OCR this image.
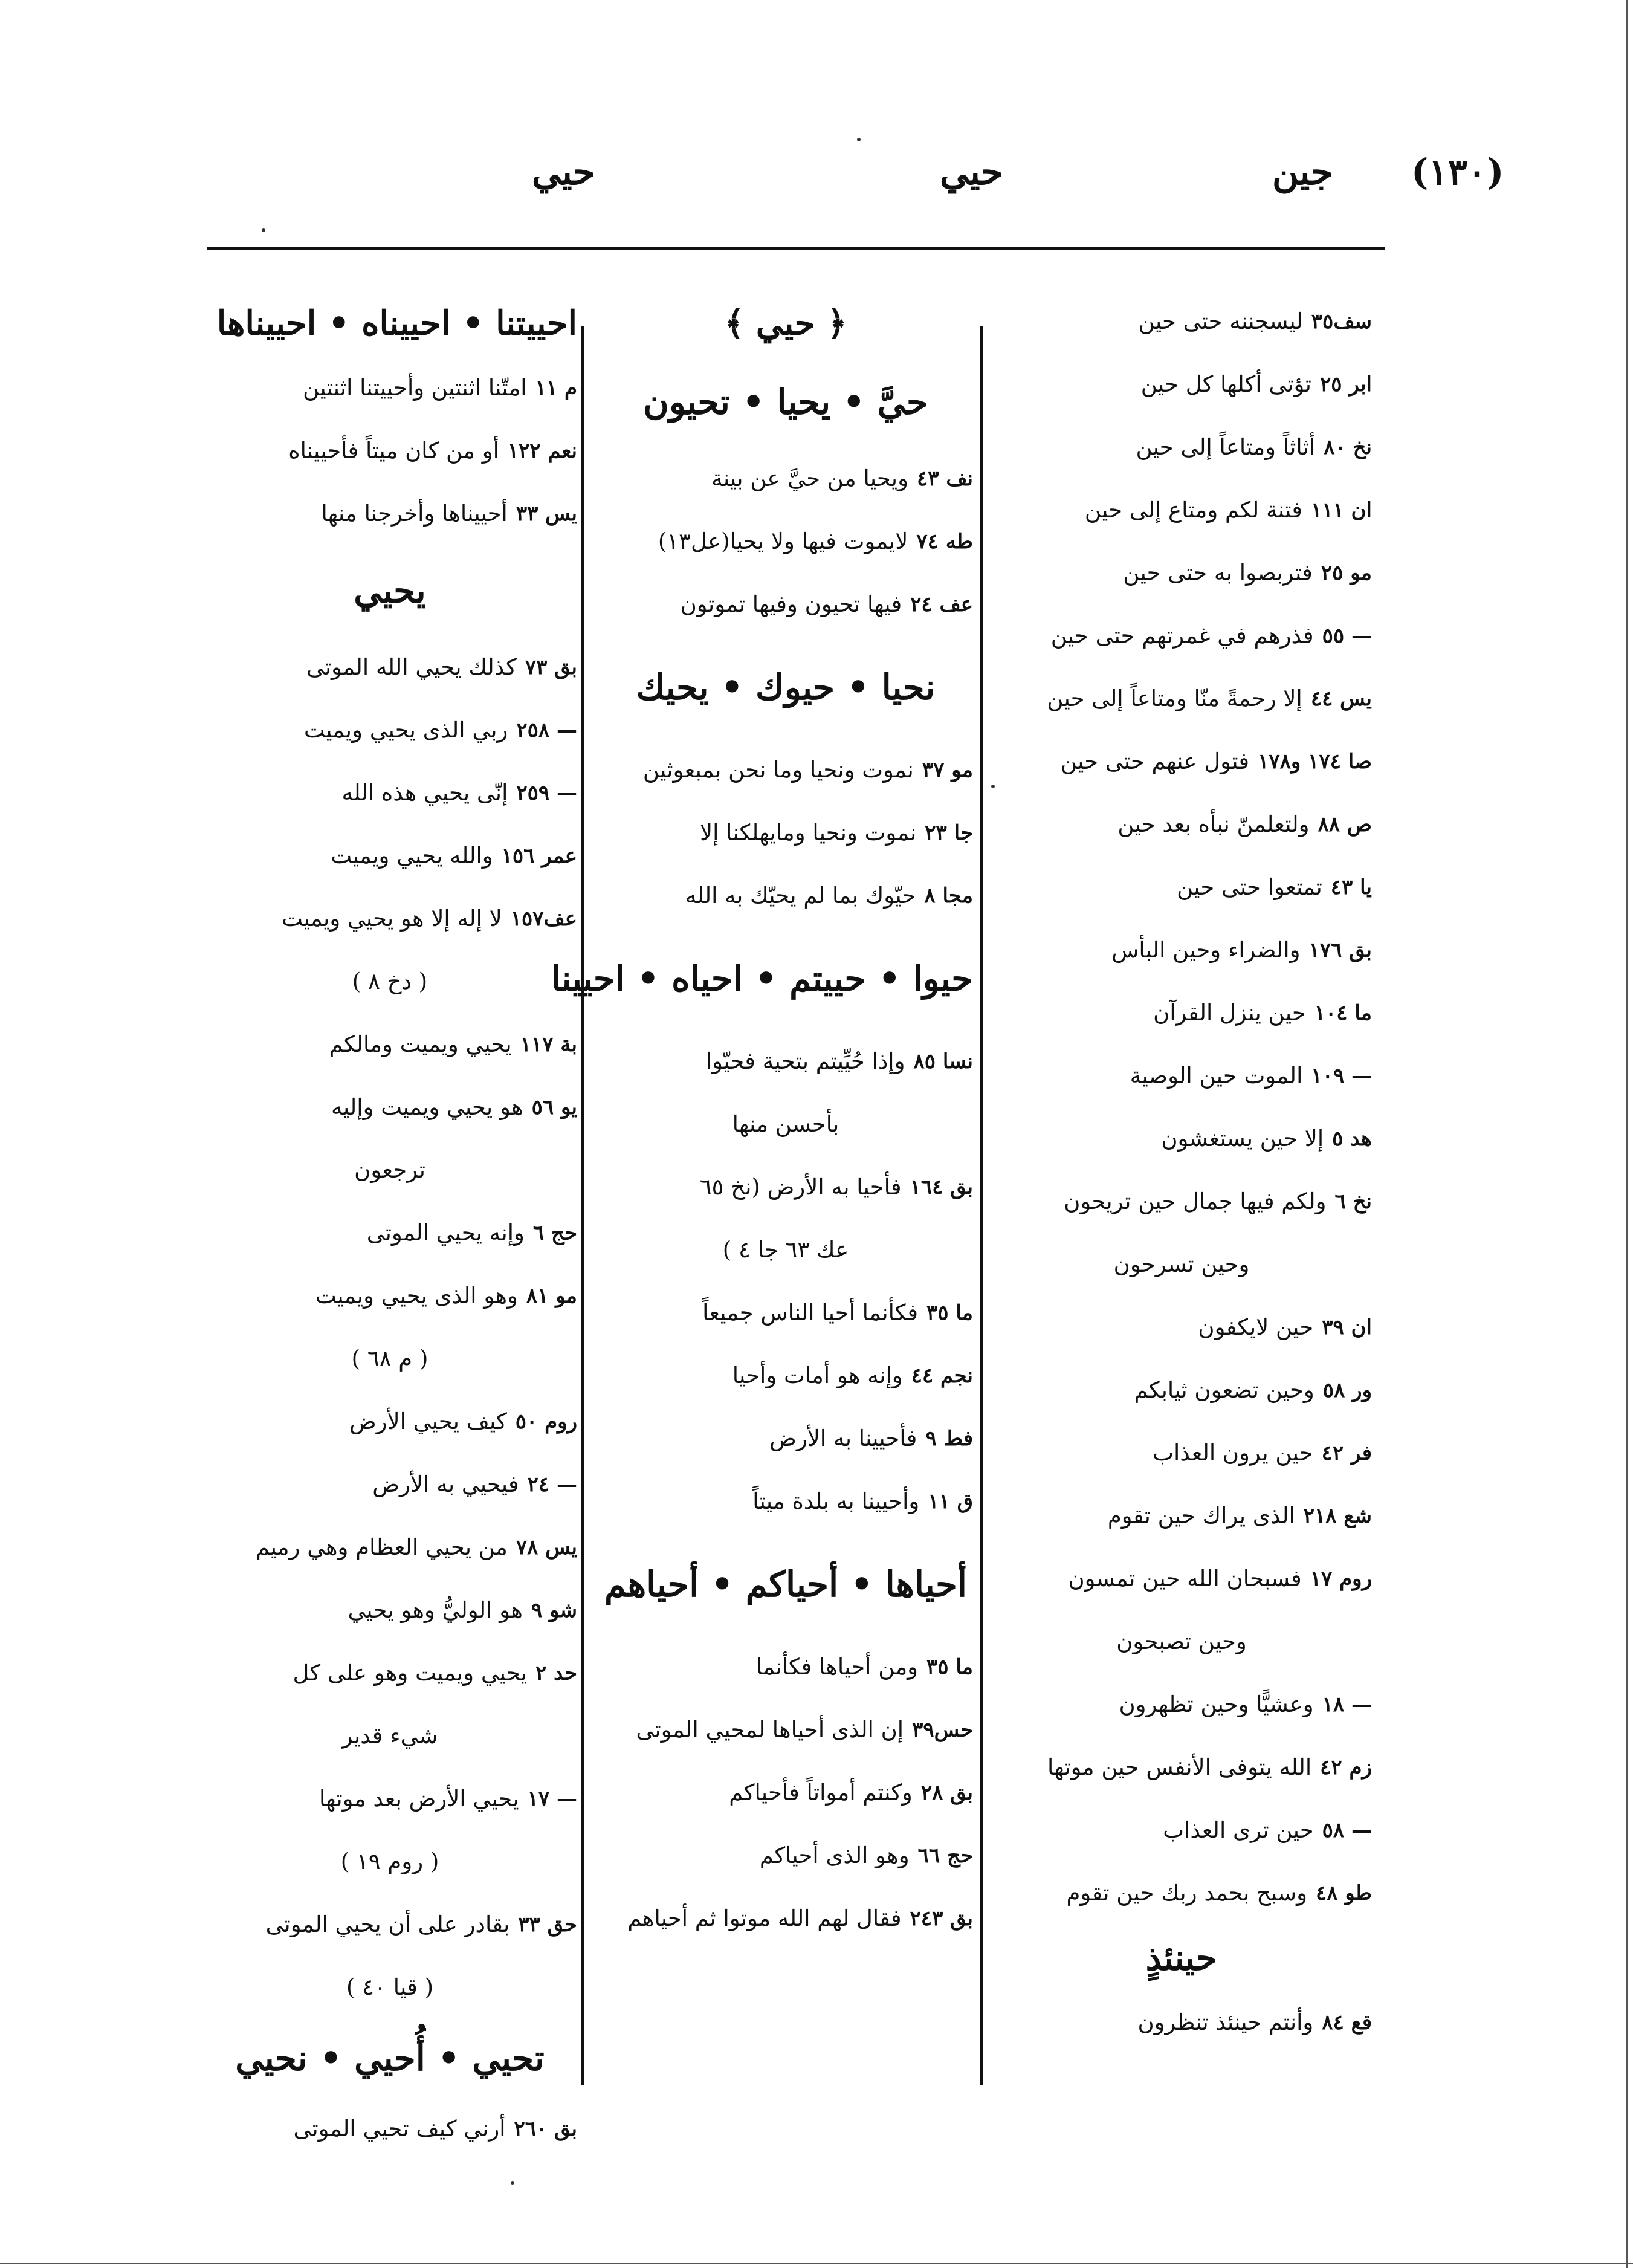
(١٣٠)
جين
حيي
حيي
سف٣٥
ليسجننه حتى حين
ابر ٢٥
تؤتى أكلها كل حين
نخ ٨٠
أثاثاً ومتاعاً إلى حين
ان ١١١
فتنة لكم ومتاع إلى حين
مو ٢٥
فتربصوا به حتى حين
— ٥٥
فذرهم في غمرتهم حتى حين
يس ٤٤
إلا رحمةً منّا ومتاعاً إلى حين
صا ١٧٤ و١٧٨
فتول عنهم حتى حين
ص ٨٨
ولتعلمنّ نبأه بعد حين
يا ٤٣
تمتعوا حتى حين
بق ١٧٦
والضراء وحين البأس
ما ١٠٤
حين ينزل القرآن
— ١٠٩
الموت حين الوصية
هد ٥
إلا حين يستغشون
نخ ٦
ولكم فيها جمال حين تريحون
وحين تسرحون
ان ٣٩
حين لايكفون
ور ٥٨
وحين تضعون ثيابكم
فر ٤٢
حين يرون العذاب
شع ٢١٨
الذى يراك حين تقوم
روم ١٧
فسبحان الله حين تمسون
وحين تصبحون
— ١٨
وعشيًّا وحين تظهرون
زم ٤٢
الله يتوفى الأنفس حين موتها
— ٥٨
حين ترى العذاب
طو ٤٨
وسبح بحمد ربك حين تقوم
حينئذٍ
قع ٨٤
وأنتم حينئذ تنظرون
﴿ حيي ﴾
حيَّ • يحيا • تحيون
نف ٤٣
ويحيا من حيَّ عن بينة
طه ٧٤
لايموت فيها ولا يحيا(عل١٣)
عف ٢٤
فيها تحيون وفيها تموتون
نحيا • حيوك • يحيك
مو ٣٧
نموت ونحيا وما نحن بمبعوثين
جا ٢٣
نموت ونحيا ومايهلكنا إلا
مجا ٨
حيّوك بما لم يحيّك به الله
حيوا • حييتم • احياه • احيينا
نسا ٨٥
وإذا حُيِّيتم بتحية فحيّوا
بأحسن منها
بق ١٦٤
فأحيا به الأرض (نخ ٦٥
عك ٦٣ جا ٤ )
ما ٣٥
فكأنما أحيا الناس جميعاً
نجم ٤٤
وإنه هو أمات وأحيا
فط ٩
فأحيينا به الأرض
ق ١١
وأحيينا به بلدة ميتاً
أحياها • أحياكم • أحياهم
ما ٣٥
ومن أحياها فكأنما
حس٣٩
إن الذى أحياها لمحيي الموتى
بق ٢٨
وكنتم أمواتاً فأحياكم
حج ٦٦
وهو الذى أحياكم
بق ٢٤٣
فقال لهم الله موتوا ثم أحياهم
احييتنا • احييناه • احييناها
م ١١
امتّنا اثنتين وأحييتنا اثنتين
نعم ١٢٢
أو من كان ميتاً فأحييناه
يس ٣٣
أحييناها وأخرجنا منها
يحيي
بق ٧٣
كذلك يحيي الله الموتى
— ٢٥٨
ربي الذى يحيي ويميت
— ٢٥٩
إنّى يحيي هذه الله
عمر ١٥٦
والله يحيي ويميت
عف١٥٧
لا إله إلا هو يحيي ويميت
( دخ ٨ )
بة ١١٧
يحيي ويميت ومالكم
يو ٥٦
هو يحيي ويميت وإليه
ترجعون
حج ٦
وإنه يحيي الموتى
مو ٨١
وهو الذى يحيي ويميت
( م ٦٨ )
روم ٥٠
كيف يحيي الأرض
— ٢٤
فيحيي به الأرض
يس ٧٨
من يحيي العظام وهي رميم
شو ٩
هو الوليُّ وهو يحيي
حد ٢
يحيي ويميت وهو على كل
شيء قدير
— ١٧
يحيي الأرض بعد موتها
( روم ١٩ )
حق ٣٣
بقادر على أن يحيي الموتى
( قيا ٤٠ )
تحيي • أُحيي • نحيي
بق ٢٦٠
أرني كيف تحيي الموتى
